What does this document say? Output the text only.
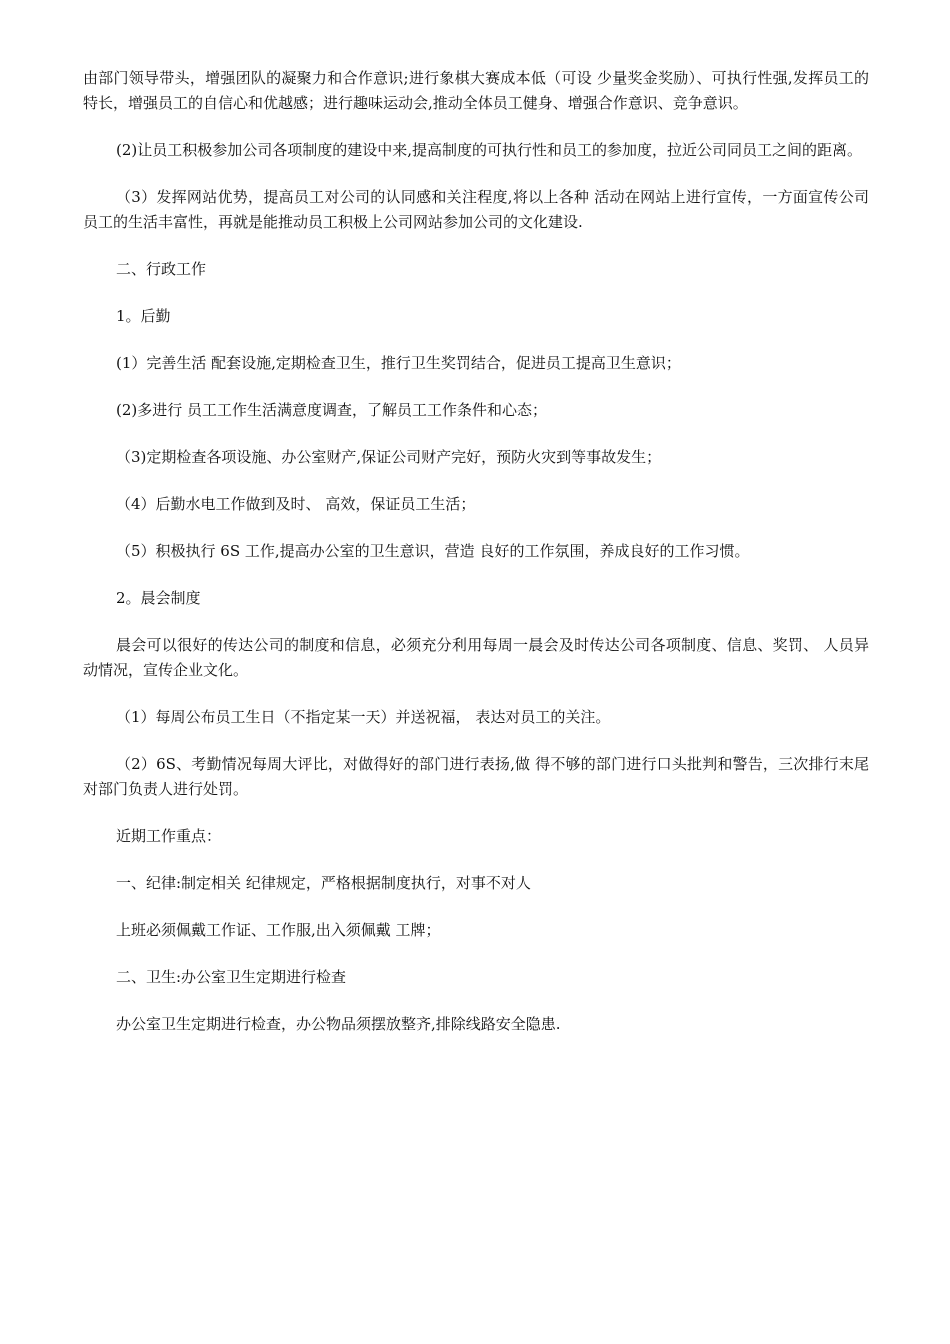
由部门领导带头，增强团队的凝聚力和合作意识;进行象棋大赛成本低（可设 少量奖金奖励）、可执行性强,发挥员工的特长，增强员工的自信心和优越感；进行趣味运动会,推动全体员工健身、增强合作意识、竞争意识。

(2)让员工积极参加公司各项制度的建设中来,提高制度的可执行性和员工的参加度，拉近公司同员工之间的距离。

（3）发挥网站优势，提高员工对公司的认同感和关注程度,将以上各种 活动在网站上进行宣传，一方面宣传公司员工的生活丰富性，再就是能推动员工积极上公司网站参加公司的文化建设.

二、行政工作

1。后勤

(1）完善生活 配套设施,定期检查卫生，推行卫生奖罚结合，促进员工提高卫生意识；

(2)多进行 员工工作生活满意度调查，了解员工工作条件和心态；

（3)定期检查各项设施、办公室财产,保证公司财产完好，预防火灾到等事故发生；

（4）后勤水电工作做到及时、 高效，保证员工生活；

（5）积极执行 6S 工作,提高办公室的卫生意识，营造 良好的工作氛围，养成良好的工作习惯。

2。晨会制度

晨会可以很好的传达公司的制度和信息，必须充分利用每周一晨会及时传达公司各项制度、信息、奖罚、 人员异动情况，宣传企业文化。

（1）每周公布员工生日（不指定某一天）并送祝福， 表达对员工的关注。

（2）6S、考勤情况每周大评比，对做得好的部门进行表扬,做 得不够的部门进行口头批判和警告，三次排行末尾对部门负责人进行处罚。

近期工作重点：

一、纪律:制定相关 纪律规定，严格根据制度执行，对事不对人

上班必须佩戴工作证、工作服,出入须佩戴 工牌；

二、卫生:办公室卫生定期进行检查

办公室卫生定期进行检查，办公物品须摆放整齐,排除线路安全隐患.
